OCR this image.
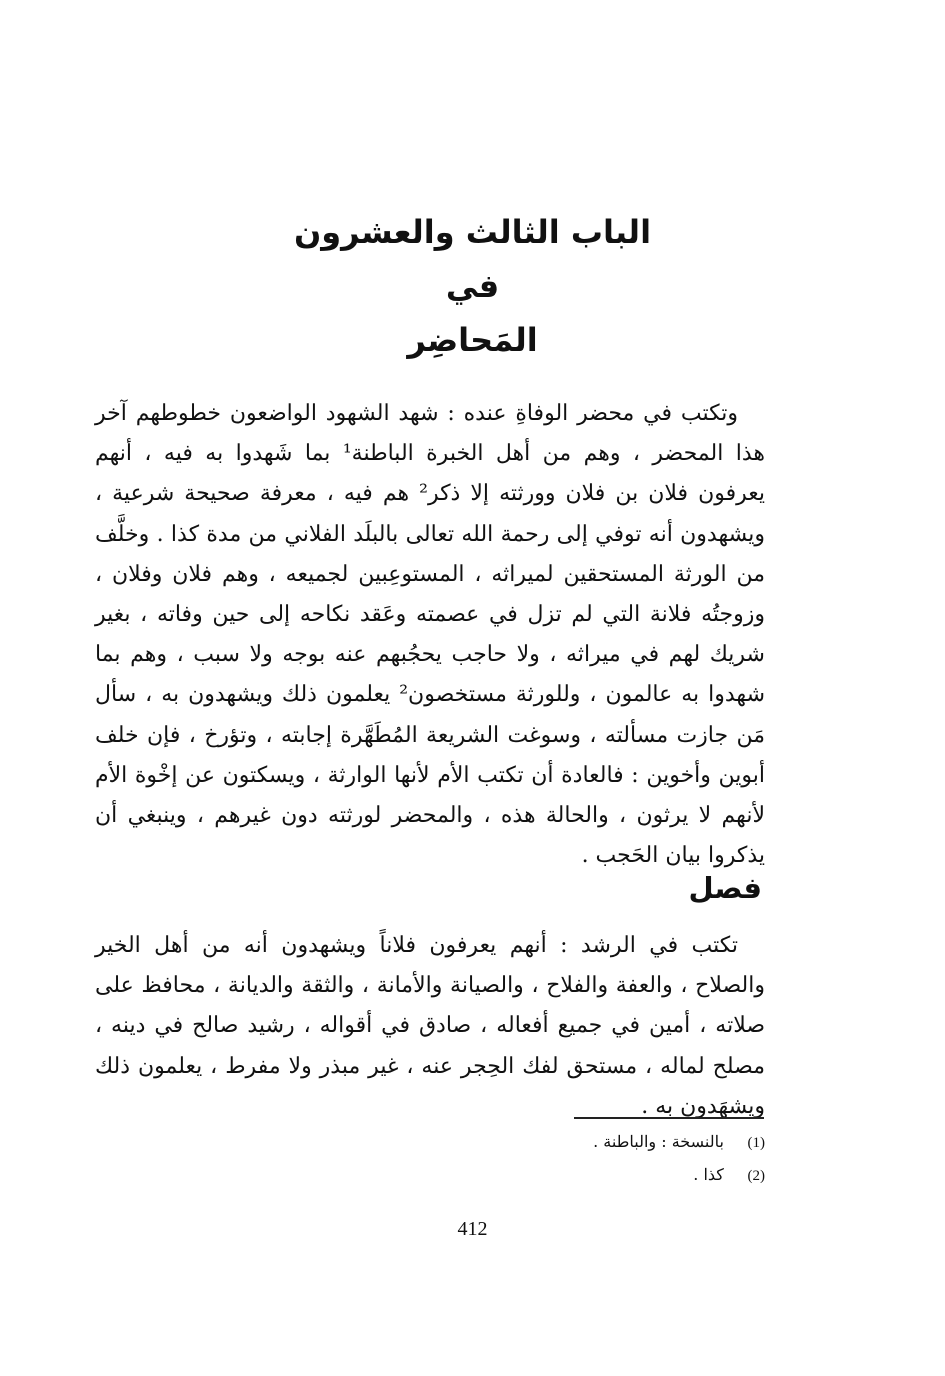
الباب الثالث والعشرون
في
المَحاضِر
وتكتب في محضر الوفاةِ عنده : شهد الشهود الواضعون خطوطهم آخر هذا المحضر ، وهم من أهل الخبرة الباطنة¹ بما شَهدوا به فيه ، أنهم يعرفون فلان بن فلان وورثته إلا ذكر² هم فيه ، معرفة صحيحة شرعية ، ويشهدون أنه توفي إلى رحمة الله تعالى بالبلَد الفلاني من مدة كذا . وخلَّف من الورثة المستحقين لميراثه ، المستوعِبين لجميعه ، وهم فلان وفلان ، وزوجتُه فلانة التي لم تزل في عصمته وعَقد نكاحه إلى حين وفاته ، بغير شريك لهم في ميراثه ، ولا حاجب يحجُبهم عنه بوجه ولا سبب ، وهم بما شهدوا به عالمون ، وللورثة مستخصون² يعلمون ذلك ويشهدون به ، سأل مَن جازت مسألته ، وسوغت الشريعة المُطَهَّرة إجابته ، وتؤرخ ، فإن خلف أبوين وأخوين : فالعادة أن تكتب الأم لأنها الوارثة ، ويسكتون عن إخْوة الأم لأنهم لا يرثون ، والحالة هذه ، والمحضر لورثته دون غيرهم ، وينبغي أن يذكروا بيان الحَجب .
فصل
تكتب في الرشد : أنهم يعرفون فلاناً ويشهدون أنه من أهل الخير والصلاح ، والعفة والفلاح ، والصيانة والأمانة ، والثقة والديانة ، محافظ على صلاته ، أمين في جميع أفعاله ، صادق في أقواله ، رشيد صالح في دينه ، مصلح لماله ، مستحق لفك الحِجر عنه ، غير مبذر ولا مفرط ، يعلمون ذلك ويشهَدون به .
(1) بالنسخة : والباطنة .
(2) كذا .
412
